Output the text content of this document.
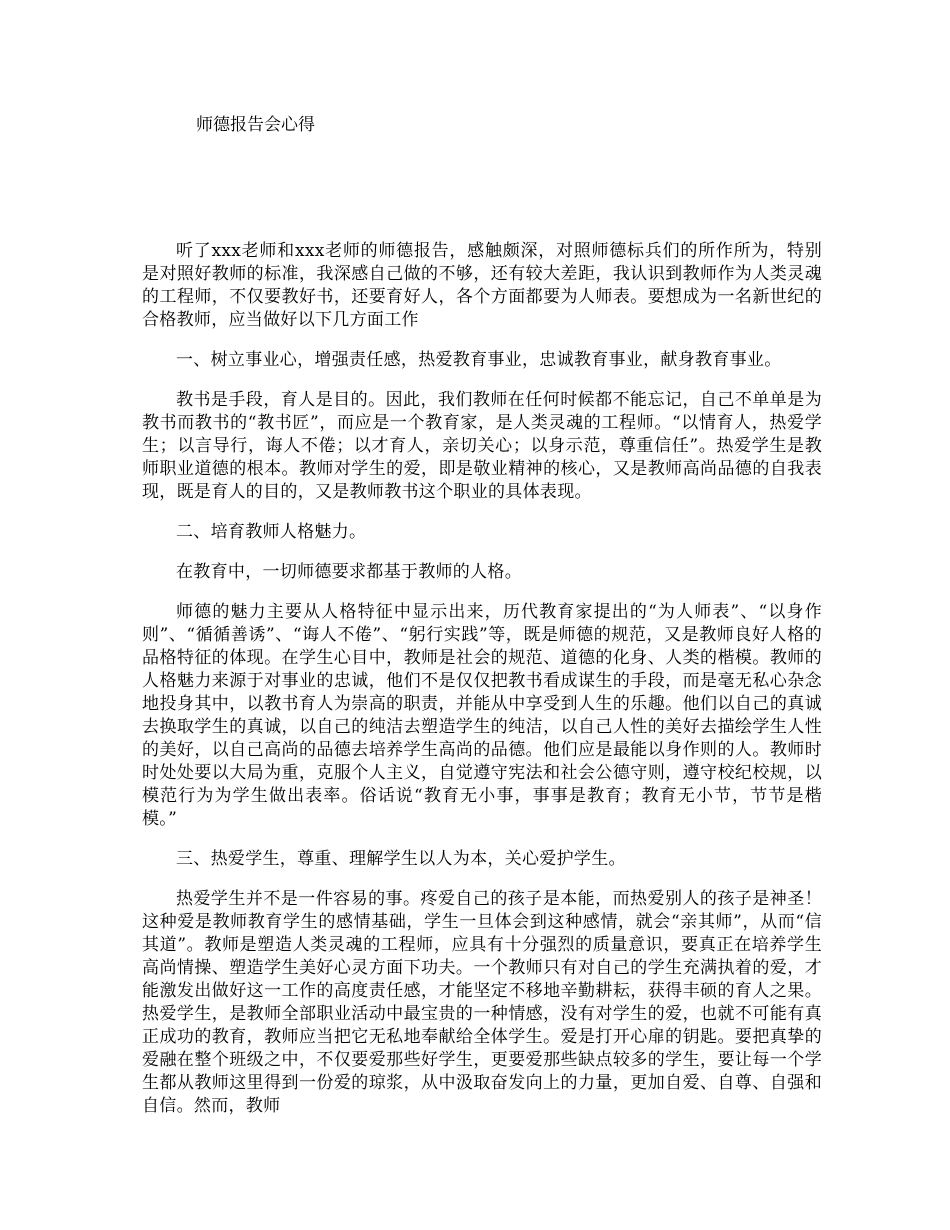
师德报告会心得

听了xxx老师和xxx老师的师德报告，感触颇深，对照师德标兵们的所作所为，特别是对照好教师的标准，我深感自己做的不够，还有较大差距，我认识到教师作为人类灵魂的工程师，不仅要教好书，还要育好人，各个方面都要为人师表。要想成为一名新世纪的合格教师，应当做好以下几方面工作

一、树立事业心，增强责任感，热爱教育事业，忠诚教育事业，献身教育事业。

教书是手段，育人是目的。因此，我们教师在任何时候都不能忘记，自己不单单是为教书而教书的“教书匠”，而应是一个教育家，是人类灵魂的工程师。“以情育人，热爱学生；以言导行，诲人不倦；以才育人，亲切关心；以身示范，尊重信任”。热爱学生是教师职业道德的根本。教师对学生的爱，即是敬业精神的核心，又是教师高尚品德的自我表现，既是育人的目的，又是教师教书这个职业的具体表现。

二、培育教师人格魅力。

在教育中，一切师德要求都基于教师的人格。

师德的魅力主要从人格特征中显示出来，历代教育家提出的“为人师表”、“以身作则”、“循循善诱”、“诲人不倦”、“躬行实践”等，既是师德的规范，又是教师良好人格的品格特征的体现。在学生心目中，教师是社会的规范、道德的化身、人类的楷模。教师的人格魅力来源于对事业的忠诚，他们不是仅仅把教书看成谋生的手段，而是毫无私心杂念地投身其中，以教书育人为崇高的职责，并能从中享受到人生的乐趣。他们以自己的真诚去换取学生的真诚，以自己的纯洁去塑造学生的纯洁，以自己人性的美好去描绘学生人性的美好，以自己高尚的品德去培养学生高尚的品德。他们应是最能以身作则的人。教师时时处处要以大局为重，克服个人主义，自觉遵守宪法和社会公德守则，遵守校纪校规，以模范行为为学生做出表率。俗话说“教育无小事，事事是教育；教育无小节，节节是楷模。”

三、热爱学生，尊重、理解学生以人为本，关心爱护学生。

热爱学生并不是一件容易的事。疼爱自己的孩子是本能，而热爱别人的孩子是神圣！这种爱是教师教育学生的感情基础，学生一旦体会到这种感情，就会“亲其师”，从而“信其道”。教师是塑造人类灵魂的工程师，应具有十分强烈的质量意识，要真正在培养学生高尚情操、塑造学生美好心灵方面下功夫。一个教师只有对自己的学生充满执着的爱，才能激发出做好这一工作的高度责任感，才能坚定不移地辛勤耕耘，获得丰硕的育人之果。热爱学生，是教师全部职业活动中最宝贵的一种情感，没有对学生的爱，也就不可能有真正成功的教育，教师应当把它无私地奉献给全体学生。爱是打开心扉的钥匙。要把真挚的爱融在整个班级之中，不仅要爱那些好学生，更要爱那些缺点较多的学生，要让每一个学生都从教师这里得到一份爱的琼浆，从中汲取奋发向上的力量，更加自爱、自尊、自强和自信。然而，教师
